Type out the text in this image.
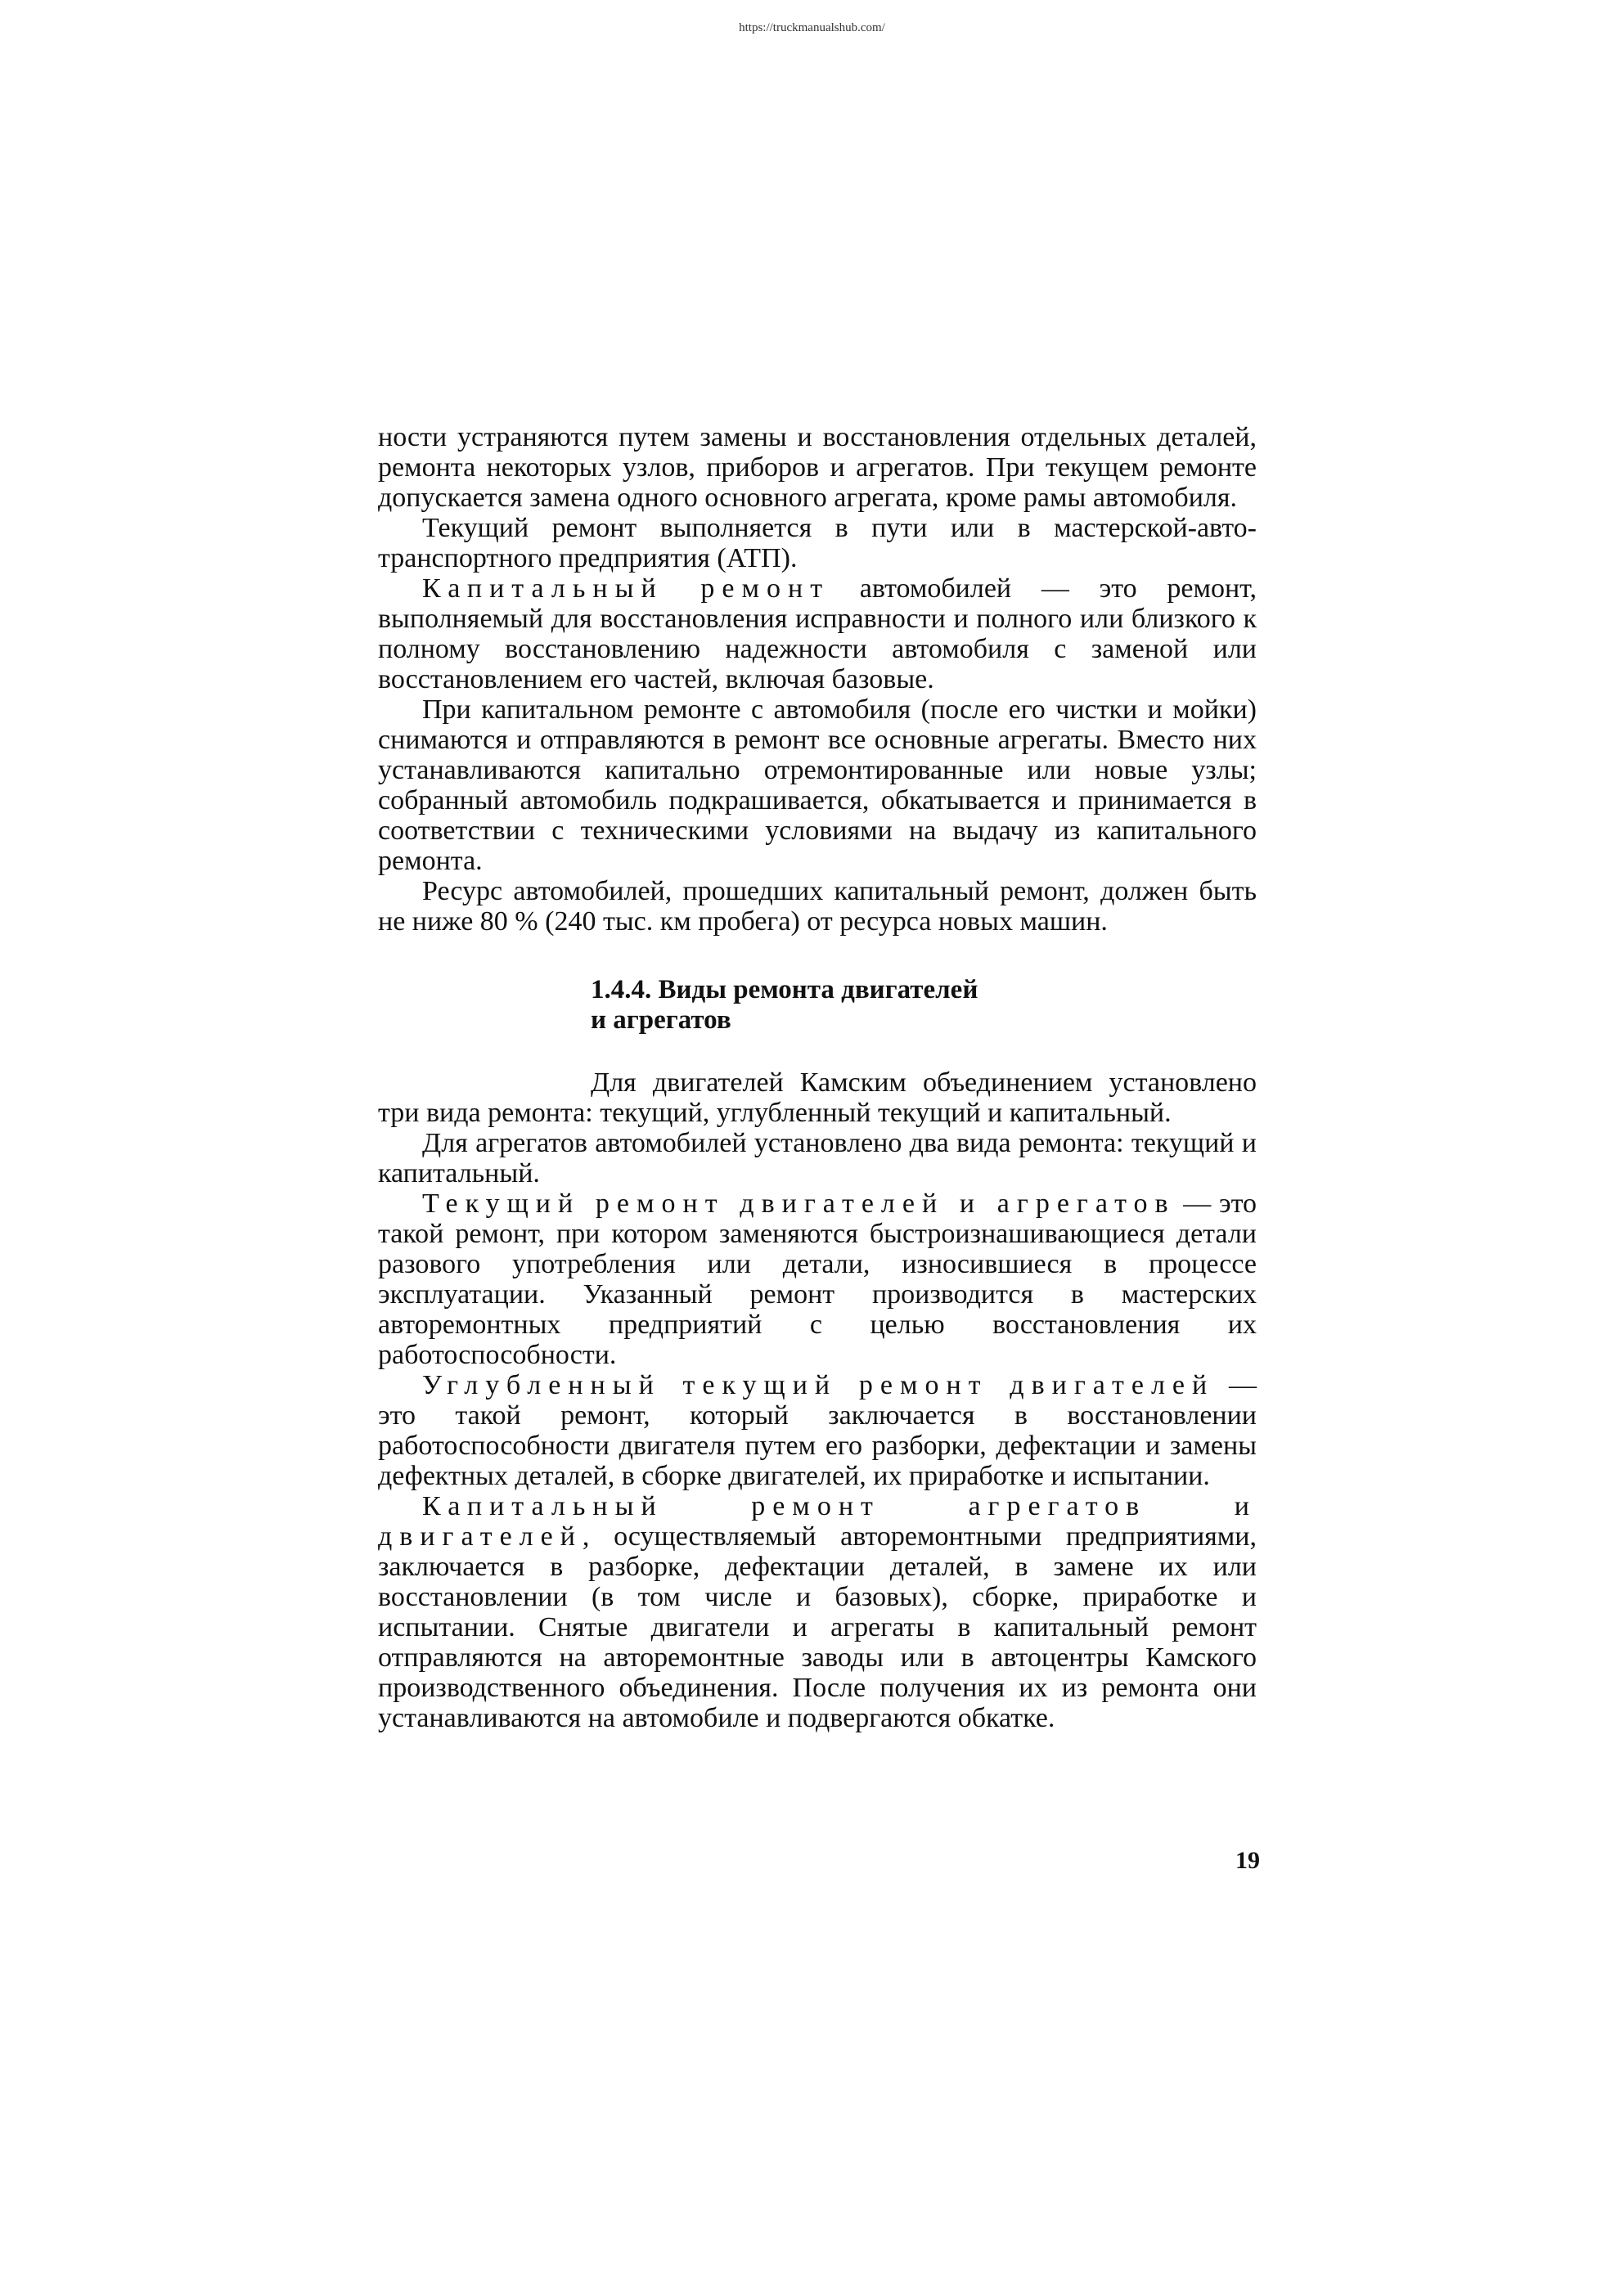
https://truckmanualshub.com/

ности устраняются путем замены и восстановления отдельных деталей, ремонта некоторых узлов, приборов и агрегатов. При текущем ремонте допускается замена одного основного агрегата, кроме рамы автомобиля.

Текущий ремонт выполняется в пути или в мастерской-автотранспортного предприятия (АТП).

Капитальный ремонт автомобилей — это ремонт, выполняемый для восстановления исправности и полного или близкого к полному восстановлению надежности автомобиля с заменой или восстановлением его частей, включая базовые.

При капитальном ремонте с автомобиля (после его чистки и мойки) снимаются и отправляются в ремонт все основные агрегаты. Вместо них устанавливаются капитально отремонтированные или новые узлы; собранный автомобиль подкрашивается, обкатывается и принимается в соответствии с техническими условиями на выдачу из капитального ремонта.

Ресурс автомобилей, прошедших капитальный ремонт, должен быть не ниже 80 % (240 тыс. км пробега) от ресурса новых машин.

1.4.4. Виды ремонта двигателей
и агрегатов

Для двигателей Камским объединением установлено три вида ремонта: текущий, углубленный текущий и капитальный.

Для агрегатов автомобилей установлено два вида ремонта: текущий и капитальный.

Текущий ремонт двигателей и агрегатов — это такой ремонт, при котором заменяются быстроизнашивающиеся детали разового употребления или детали, износившиеся в процессе эксплуатации. Указанный ремонт производится в мастерских авторемонтных предприятий с целью восстановления их работоспособности.

Углубленный текущий ремонт двигателей — это такой ремонт, который заключается в восстановлении работоспособности двигателя путем его разборки, дефектации и замены дефектных деталей, в сборке двигателей, их приработке и испытании.

Капитальный ремонт агрегатов и двигателей, осуществляемый авторемонтными предприятиями, заключается в разборке, дефектации деталей, в замене их или восстановлении (в том числе и базовых), сборке, приработке и испытании. Снятые двигатели и агрегаты в капитальный ремонт отправляются на авторемонтные заводы или в автоцентры Камского производственного объединения. После получения их из ремонта они устанавливаются на автомобиле и подвергаются обкатке.

19
